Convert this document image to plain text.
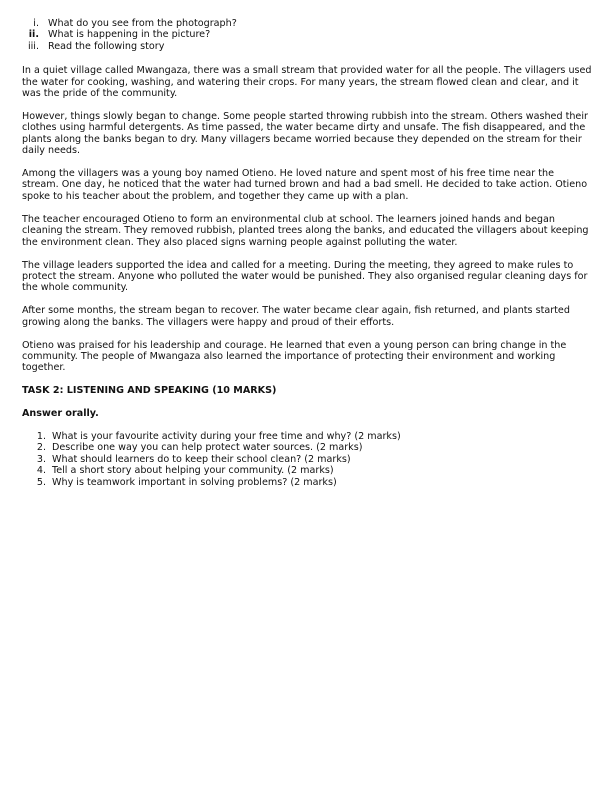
i. What do you see from the photograph?
ii. What is happening in the picture?
iii. Read the following story

In a quiet village called Mwangaza, there was a small stream that provided water for all the people. The villagers used the water for cooking, washing, and watering their crops. For many years, the stream flowed clean and clear, and it was the pride of the community.

However, things slowly began to change. Some people started throwing rubbish into the stream. Others washed their clothes using harmful detergents. As time passed, the water became dirty and unsafe. The fish disappeared, and the plants along the banks began to dry. Many villagers became worried because they depended on the stream for their daily needs.

Among the villagers was a young boy named Otieno. He loved nature and spent most of his free time near the stream. One day, he noticed that the water had turned brown and had a bad smell. He decided to take action. Otieno spoke to his teacher about the problem, and together they came up with a plan.

The teacher encouraged Otieno to form an environmental club at school. The learners joined hands and began cleaning the stream. They removed rubbish, planted trees along the banks, and educated the villagers about keeping the environment clean. They also placed signs warning people against polluting the water.

The village leaders supported the idea and called for a meeting. During the meeting, they agreed to make rules to protect the stream. Anyone who polluted the water would be punished. They also organised regular cleaning days for the whole community.

After some months, the stream began to recover. The water became clear again, fish returned, and plants started growing along the banks. The villagers were happy and proud of their efforts.

Otieno was praised for his leadership and courage. He learned that even a young person can bring change in the community. The people of Mwangaza also learned the importance of protecting their environment and working together.

TASK 2: LISTENING AND SPEAKING (10 MARKS)
Answer orally.
1. What is your favourite activity during your free time and why? (2 marks)
2. Describe one way you can help protect water sources. (2 marks)
3. What should learners do to keep their school clean? (2 marks)
4. Tell a short story about helping your community. (2 marks)
5. Why is teamwork important in solving problems? (2 marks)
